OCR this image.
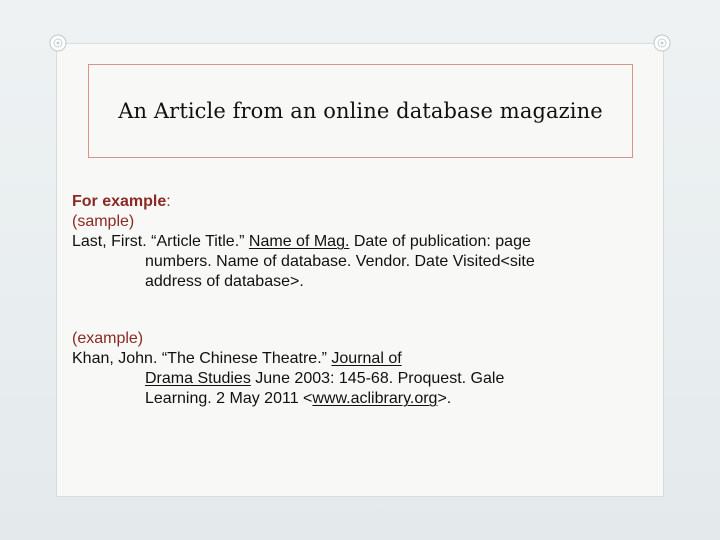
An Article from an online database magazine
For example:
(sample)
Last, First. “Article Title.” Name of Mag. Date of publication: page
numbers. Name of database. Vendor. Date Visited<site
address of database>.
(example)
Khan, John. “The Chinese Theatre.” Journal of
Drama Studies June 2003: 145-68. Proquest. Gale
Learning. 2 May 2011 <www.aclibrary.org>.
